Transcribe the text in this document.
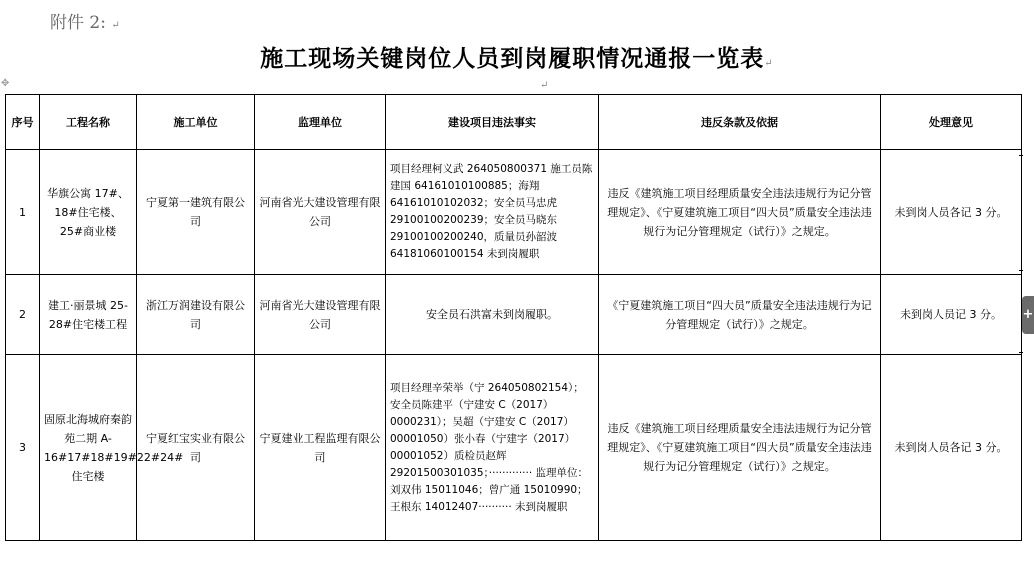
附件 2: ↵
施工现场关键岗位人员到岗履职情况通报一览表↵
✥	↵
序号	工程名称	施工单位	监理单位	建设项目违法事实	违反条款及依据	处理意见
1	华旗公寓 17#、18#住宅楼、25#商业楼	宁夏第一建筑有限公司	河南省光大建设管理有限公司	项目经理柯义武 264050800371 施工员陈建国 64161010100885；海翔 64161010102032；安全员马忠虎 29100100200239；安全员马晓东 29100100200240，质量员孙韶波 64181060100154 未到岗履职	违反《建筑施工项目经理质量安全违法违规行为记分管理规定》、《宁夏建筑施工项目“四大员”质量安全违法违规行为记分管理规定（试行）》之规定。	未到岗人员各记 3 分。
2	建工·丽景城 25-28#住宅楼工程	浙江万润建设有限公司	河南省光大建设管理有限公司	安全员石洪富未到岗履职。	《宁夏建筑施工项目“四大员”质量安全违法违规行为记分管理规定（试行）》之规定。	未到岗人员记 3 分。
3	固原北海城府秦韵苑二期 A-16#17#18#19#22#24#住宅楼	宁夏红宝实业有限公司	宁夏建业工程监理有限公司	项目经理辛荣举（宁 264050802154）；安全员陈建平（宁建安 C（2017）0000231）；吴超（宁建安 C（2017）00001050）张小春（宁建字（2017）00001052）质检员赵辉 29201500301035；············· 监理单位：刘双伟 15011046；曾广通 15010990；王根东 14012407·········· 未到岗履职	违反《建筑施工项目经理质量安全违法违规行为记分管理规定》、《宁夏建筑施工项目“四大员”质量安全违法违规行为记分管理规定（试行）》之规定。	未到岗人员各记 3 分。
+
